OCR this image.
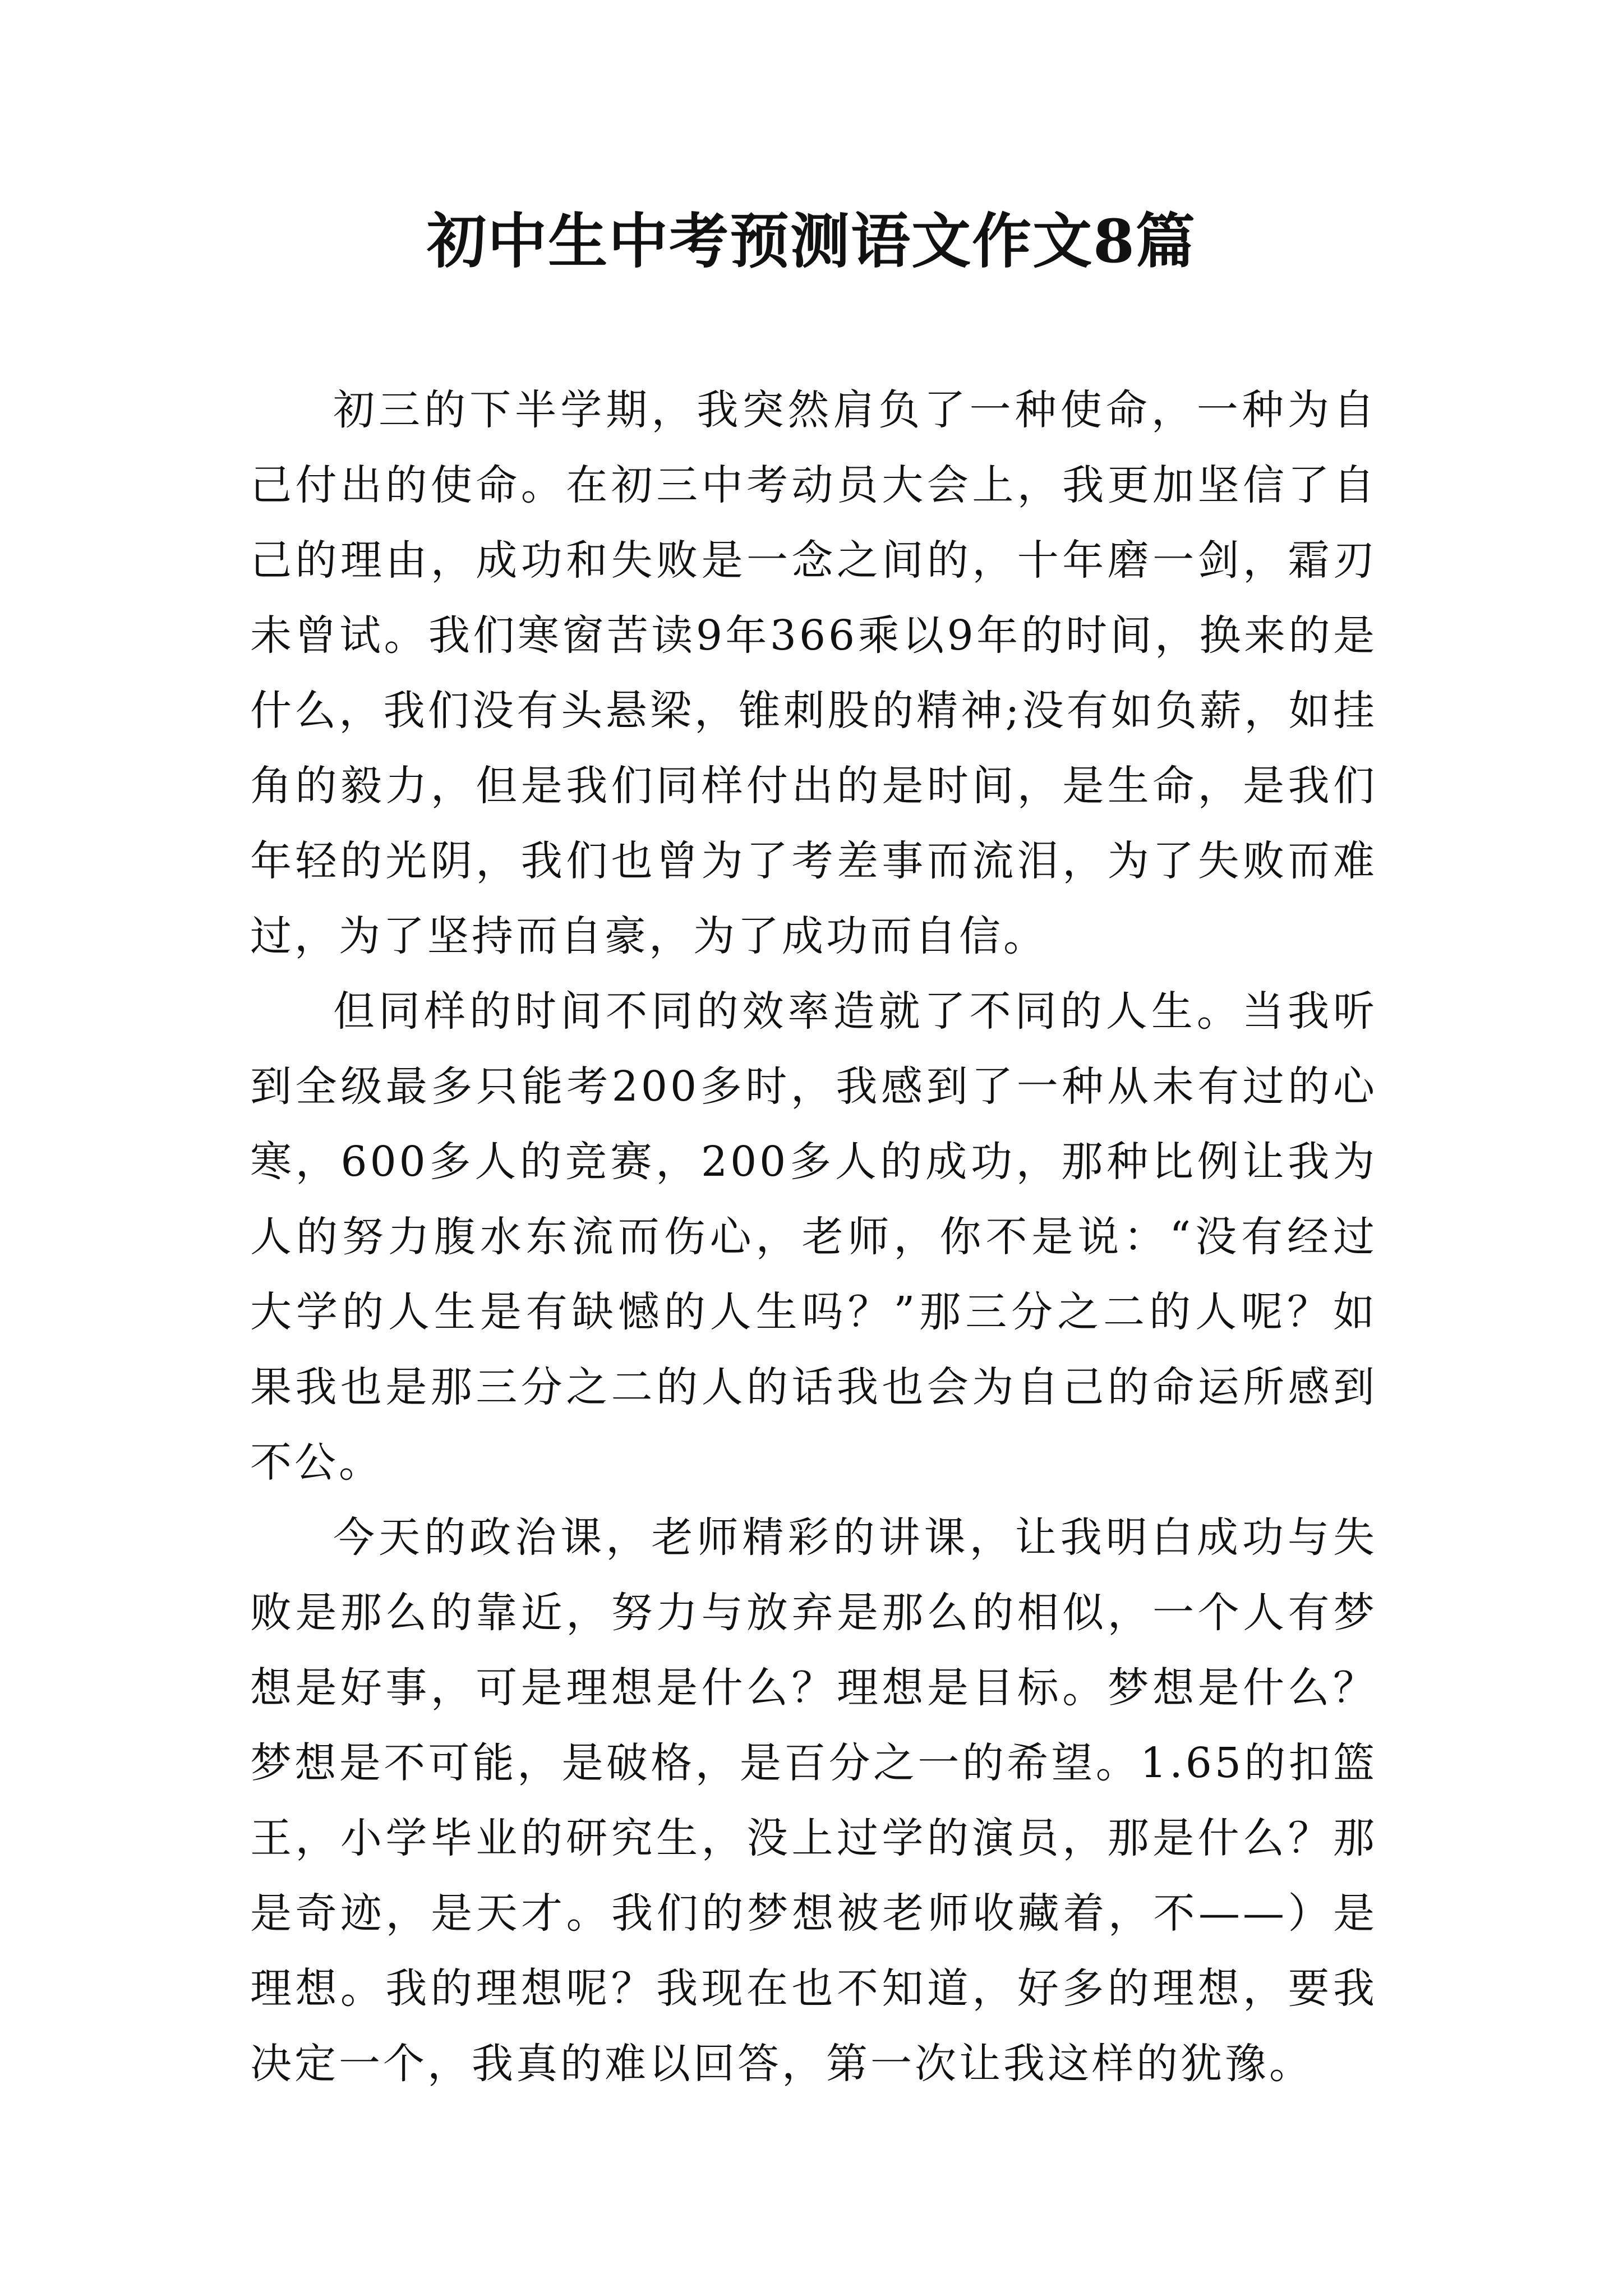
初中生中考预测语文作文8篇

初三的下半学期，我突然肩负了一种使命，一种为自己付出的使命。在初三中考动员大会上，我更加坚信了自己的理由，成功和失败是一念之间的，十年磨一剑，霜刃未曾试。我们寒窗苦读9年366乘以9年的时间，换来的是什么，我们没有头悬梁，锥刺股的精神;没有如负薪，如挂角的毅力，但是我们同样付出的是时间，是生命，是我们年轻的光阴，我们也曾为了考差事而流泪，为了失败而难过，为了坚持而自豪，为了成功而自信。

但同样的时间不同的效率造就了不同的人生。当我听到全级最多只能考200多时，我感到了一种从未有过的心寒，600多人的竞赛，200多人的成功，那种比例让我为人的努力腹水东流而伤心，老师，你不是说：“没有经过大学的人生是有缺憾的人生吗？”那三分之二的人呢？如果我也是那三分之二的人的话我也会为自己的命运所感到不公。

今天的政治课，老师精彩的讲课，让我明白成功与失败是那么的靠近，努力与放弃是那么的相似，一个人有梦想是好事，可是理想是什么？理想是目标。梦想是什么？梦想是不可能，是破格，是百分之一的希望。1.65的扣篮王，小学毕业的研究生，没上过学的演员，那是什么？那是奇迹，是天才。我们的梦想被老师收藏着，不——）是理想。我的理想呢？我现在也不知道，好多的理想，要我决定一个，我真的难以回答，第一次让我这样的犹豫。
